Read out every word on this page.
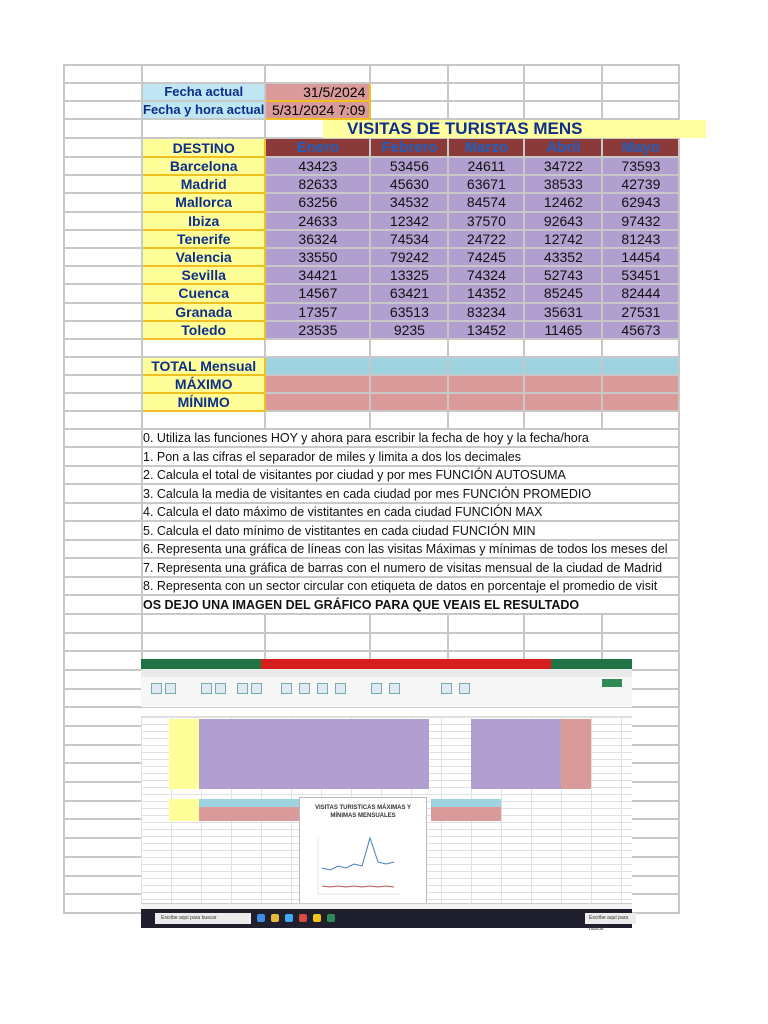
	Fecha actual	31/5/2024				
	Fecha y hora actual	5/31/2024 7:09				

	DESTINO	Enero	Febrero	Marzo	Abril	Mayo
	Barcelona	43423	53456	24611	34722	73593
	Madrid	82633	45630	63671	38533	42739
	Mallorca	63256	34532	84574	12462	62943
	Ibiza	24633	12342	37570	92643	97432
	Tenerife	36324	74534	24722	12742	81243
	Valencia	33550	79242	74245	43352	14454
	Sevilla	34421	13325	74324	52743	53451
	Cuenca	14567	63421	14352	85245	82444
	Granada	17357	63513	83234	35631	27531
	Toledo	23535	9235	13452	11465	45673

	TOTAL Mensual					
	MÁXIMO					
	MÍNIMO					

	0. Utiliza las funciones HOY y ahora para escribir la fecha de hoy y la fecha/hora					
	1. Pon a las cifras el separador de miles y limita a dos los decimales					
	2. Calcula el total de visitantes por ciudad y por mes FUNCIÓN AUTOSUMA					
	3. Calcula la media de visitantes en cada ciudad por mes FUNCIÓN PROMEDIO					
	4. Calcula el dato máximo de vistitantes en cada ciudad FUNCIÓN MAX					
	5. Calcula el dato mínimo de vistitantes en cada ciudad FUNCIÓN MIN					
	6. Representa una gráfica de líneas con las visitas Máximas y mínimas de todos los meses del					
	7. Representa una gráfica de barras con el numero de visitas mensual de la ciudad de Madrid					
	8. Representa con un sector circular con etiqueta de datos en porcentaje el promedio de visit					
	OS DEJO UNA IMAGEN DEL GRÁFICO PARA QUE VEAIS EL RESULTADO					

VISITAS DE TURISTAS MENS
VISITAS TURISTICAS MÁXIMAS Y MÍNIMAS MENSUALES
Escribe aquí para buscar	Escribe aquí para buscar
